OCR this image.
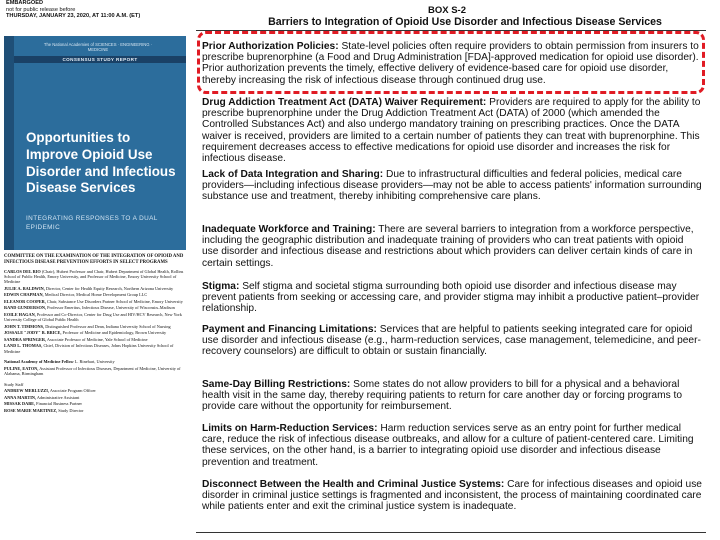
EMBARGOED
not for public release before
THURSDAY, JANUARY 23, 2020, AT 11:00 A.M. (ET)
The National Academies of SCIENCES · ENGINEERING · MEDICINE
CONSENSUS STUDY REPORT
Opportunities to Improve Opioid Use Disorder and Infectious Disease Services
INTEGRATING RESPONSES TO A DUAL EPIDEMIC
COMMITTEE ON THE EXAMINATION OF THE INTEGRATION OF OPIOID AND INFECTIOUS DISEASE PREVENTION EFFORTS IN SELECT PROGRAMS
CARLOS DEL RIO (Chair), Hubert Professor and Chair, Hubert Department of Global Health, Rollins School of Public Health, Emory University, and Professor of Medicine, Emory University School of Medicine
JULIE A. BALDWIN, Director, Center for Health Equity Research, Northern Arizona University
EDWIN CHAPMAN, Medical Director, Medical Home Development Group LLC
ELEANOR COOPER, Chair, Substance Use Disorders Partner School of Medicine, Emory University
RAND GUNDERSON, Professor Emeritus, Infectious Disease, University of Wisconsin–Madison
EOILE HAGAN, Professor and Co-Director, Center for Drug Use and HIV/HCV Research, New York University College of Global Public Health
JOHN T. TIMMONS, Distinguished Professor and Dean, Indiana University School of Nursing
JOSSALE "JODY" B. BRICE, Professor of Medicine and Epidemiology, Brown University
SANDRA SPRINGER, Associate Professor of Medicine, Yale School of Medicine
LAND L. THOMAS, Chief, Division of Infectious Diseases, Johns Hopkins University School of Medicine
National Academy of Medicine Fellow L. Rinehart, University
PULINE, EATON, Assistant Professor of Infectious Diseases, Department of Medicine, University of Alabama, Birmingham
Study Staff
ANDREW MERLUZZI, Associate Program Officer
ANNA MARTIN, Administrative Assistant
MISSAK DABE, Financial Business Partner
ROSE MARIE MARTINEZ, Study Director
BOX S-2
Barriers to Integration of Opioid Use Disorder and Infectious Disease Services

Prior Authorization Policies: State-level policies often require providers to obtain permission from insurers to prescribe buprenorphine (a Food and Drug Administration [FDA]-approved medication for opioid use disorder). Prior authorization prevents the timely, effective delivery of evidence-based care for opioid use disorder, thereby increasing the risk of infectious disease through continued drug use.

Drug Addiction Treatment Act (DATA) Waiver Requirement: Providers are required to apply for the ability to prescribe buprenorphine under the Drug Addiction Treatment Act (DATA) of 2000 (which amended the Controlled Substances Act) and also undergo mandatory training on prescribing practices. Once the DATA waiver is received, providers are limited to a certain number of patients they can treat with buprenorphine. This requirement decreases access to effective medications for opioid use disorder and increases the risk for infectious disease.

Lack of Data Integration and Sharing: Due to infrastructural difficulties and federal policies, medical care providers—including infectious disease providers—may not be able to access patients' information surrounding substance use and treatment, thereby inhibiting comprehensive care plans.

Inadequate Workforce and Training: There are several barriers to integration from a workforce perspective, including the geographic distribution and inadequate training of providers who can treat patients with opioid use disorder and infectious disease and restrictions about which providers can deliver certain kinds of care in certain settings.

Stigma: Self stigma and societal stigma surrounding both opioid use disorder and infectious disease may prevent patients from seeking or accessing care, and provider stigma may inhibit a productive patient–provider relationship.

Payment and Financing Limitations: Services that are helpful to patients seeking integrated care for opioid use disorder and infectious disease (e.g., harm-reduction services, case management, telemedicine, and peer-recovery counselors) are difficult to obtain or sustain financially.

Same-Day Billing Restrictions: Some states do not allow providers to bill for a physical and a behavioral health visit in the same day, thereby requiring patients to return for care another day or forcing programs to provide care without the opportunity for reimbursement.

Limits on Harm-Reduction Services: Harm reduction services serve as an entry point for further medical care, reduce the risk of infectious disease outbreaks, and allow for a culture of patient-centered care. Limiting these services, on the other hand, is a barrier to integrating opioid use disorder and infectious disease prevention and treatment.

Disconnect Between the Health and Criminal Justice Systems: Care for infectious diseases and opioid use disorder in criminal justice settings is fragmented and inconsistent, the process of maintaining coordinated care while patients enter and exit the criminal justice system is inadequate.
